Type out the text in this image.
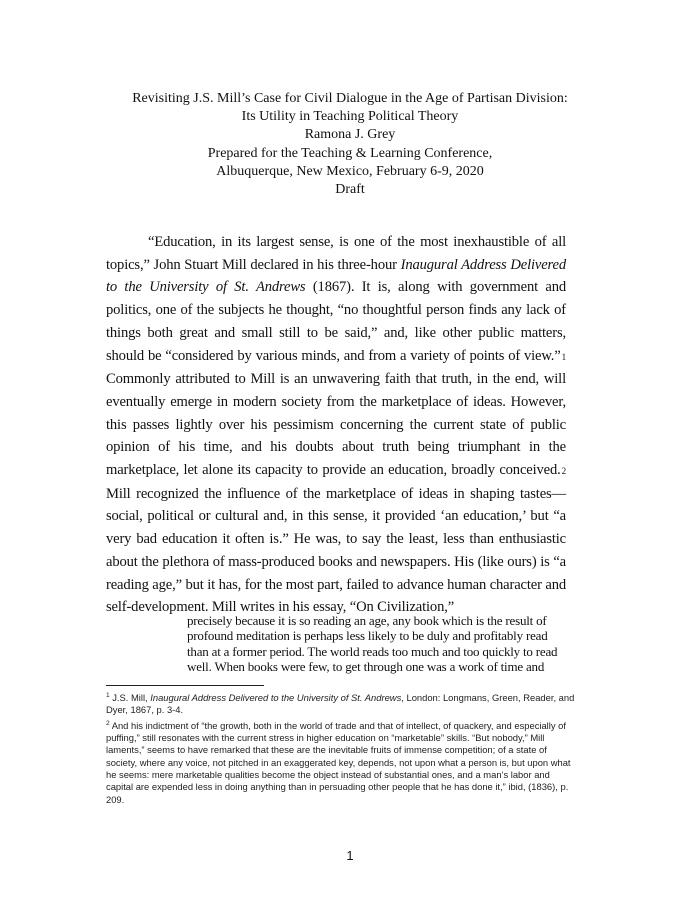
Revisiting J.S. Mill’s Case for Civil Dialogue in the Age of Partisan Division:
Its Utility in Teaching Political Theory
Ramona J. Grey
Prepared for the Teaching & Learning Conference,
Albuquerque, New Mexico, February 6-9, 2020
Draft

“Education, in its largest sense, is one of the most inexhaustible of all topics,” John Stuart Mill declared in his three-hour Inaugural Address Delivered to the University of St. Andrews (1867). It is, along with government and politics, one of the subjects he thought, “no thoughtful person finds any lack of things both great and small still to be said,” and, like other public matters, should be “considered by various minds, and from a variety of points of view.”1 Commonly attributed to Mill is an unwavering faith that truth, in the end, will eventually emerge in modern society from the marketplace of ideas. However, this passes lightly over his pessimism concerning the current state of public opinion of his time, and his doubts about truth being triumphant in the marketplace, let alone its capacity to provide an education, broadly conceived.2 Mill recognized the influence of the marketplace of ideas in shaping tastes—social, political or cultural and, in this sense, it provided ‘an education,’ but “a very bad education it often is.” He was, to say the least, less than enthusiastic about the plethora of mass-produced books and newspapers. His (like ours) is “a reading age,” but it has, for the most part, failed to advance human character and self-development. Mill writes in his essay, “On Civilization,”

precisely because it is so reading an age, any book which is the result of profound meditation is perhaps less likely to be duly and profitably read than at a former period. The world reads too much and too quickly to read well. When books were few, to get through one was a work of time and

$^1$ J.S. Mill, Inaugural Address Delivered to the University of St. Andrews, London: Longmans, Green, Reader, and Dyer, 1867, p. 3-4.

$^2$ And his indictment of “the growth, both in the world of trade and that of intellect, of quackery, and especially of puffing,” still resonates with the current stress in higher education on “marketable” skills. “But nobody,” Mill laments,” seems to have remarked that these are the inevitable fruits of immense competition; of a state of society, where any voice, not pitched in an exaggerated key, depends, not upon what a person is, but upon what he seems: mere marketable qualities become the object instead of substantial ones, and a man’s labor and capital are expended less in doing anything than in persuading other people that he has done it,” ibid, (1836), p. 209.

1
